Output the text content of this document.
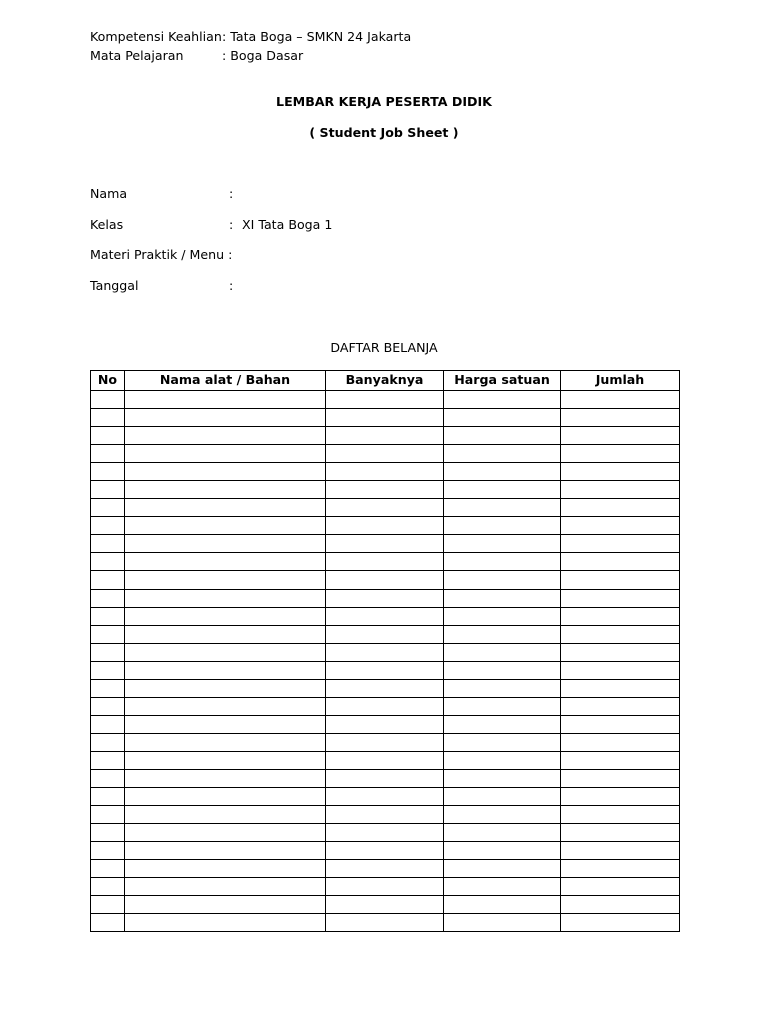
Kompetensi Keahlian : Tata Boga – SMKN 24 Jakarta
Mata Pelajaran	: Boga Dasar
LEMBAR KERJA PESERTA DIDIK
( Student Job Sheet )
Nama	:
Kelas	: XI Tata Boga 1
Materi Praktik / Menu :
Tanggal	:
DAFTAR BELANJA
No	Nama alat / Bahan	Banyaknya	Harga satuan	Jumlah
